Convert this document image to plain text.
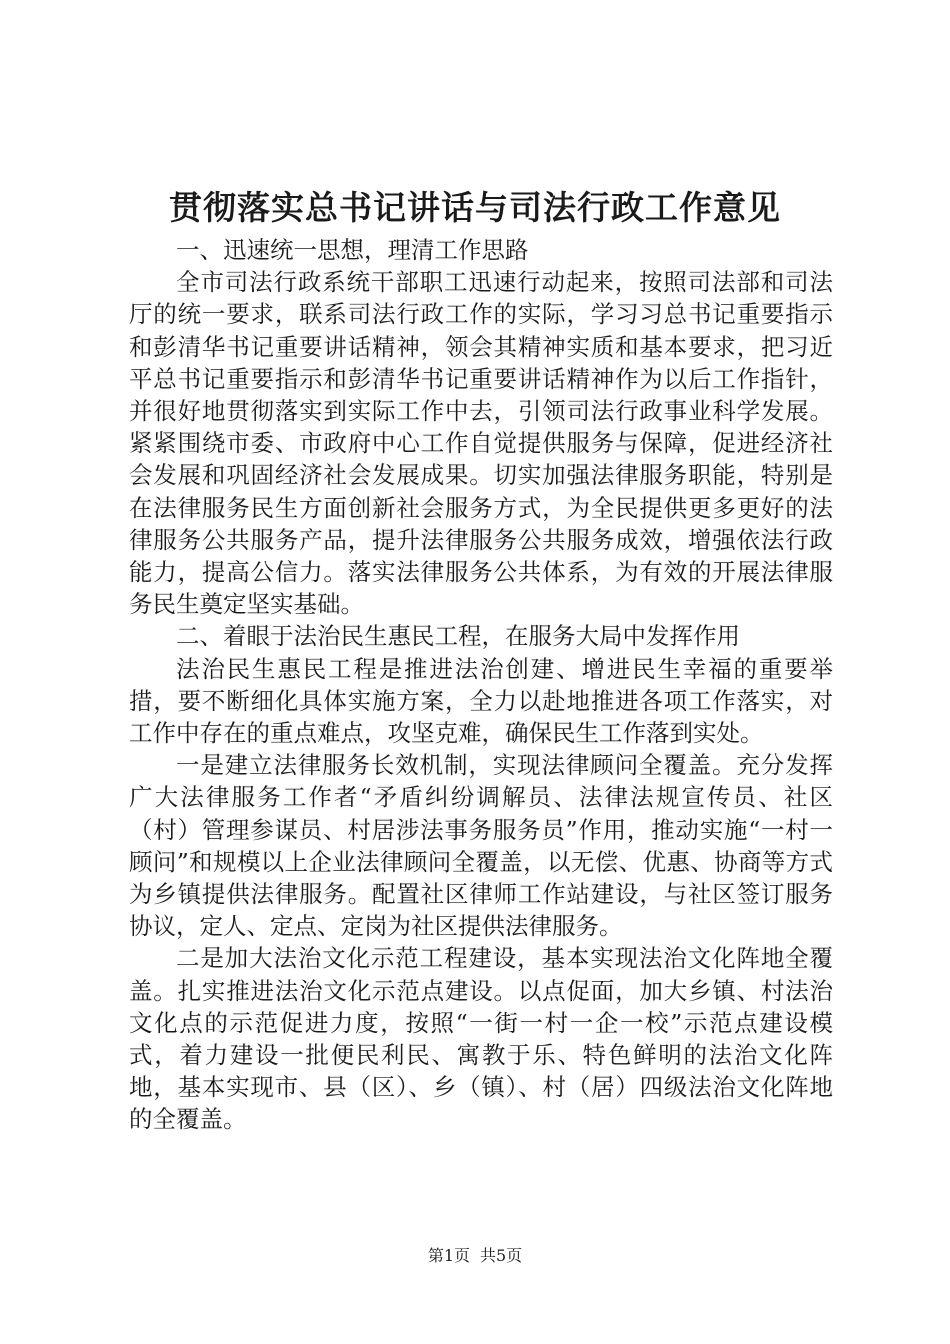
贯彻落实总书记讲话与司法行政工作意见

一、迅速统一思想，理清工作思路

全市司法行政系统干部职工迅速行动起来，按照司法部和司法厅的统一要求，联系司法行政工作的实际，学习习总书记重要指示和彭清华书记重要讲话精神，领会其精神实质和基本要求，把习近平总书记重要指示和彭清华书记重要讲话精神作为以后工作指针，并很好地贯彻落实到实际工作中去，引领司法行政事业科学发展。紧紧围绕市委、市政府中心工作自觉提供服务与保障，促进经济社会发展和巩固经济社会发展成果。切实加强法律服务职能，特别是在法律服务民生方面创新社会服务方式，为全民提供更多更好的法律服务公共服务产品，提升法律服务公共服务成效，增强依法行政能力，提高公信力。落实法律服务公共体系，为有效的开展法律服务民生奠定坚实基础。

二、着眼于法治民生惠民工程，在服务大局中发挥作用

法治民生惠民工程是推进法治创建、增进民生幸福的重要举措，要不断细化具体实施方案，全力以赴地推进各项工作落实，对工作中存在的重点难点，攻坚克难，确保民生工作落到实处。

一是建立法律服务长效机制，实现法律顾问全覆盖。充分发挥广大法律服务工作者“矛盾纠纷调解员、法律法规宣传员、社区（村）管理参谋员、村居涉法事务服务员”作用，推动实施“一村一顾问”和规模以上企业法律顾问全覆盖，以无偿、优惠、协商等方式为乡镇提供法律服务。配置社区律师工作站建设，与社区签订服务协议，定人、定点、定岗为社区提供法律服务。

二是加大法治文化示范工程建设，基本实现法治文化阵地全覆盖。扎实推进法治文化示范点建设。以点促面，加大乡镇、村法治文化点的示范促进力度，按照“一街一村一企一校”示范点建设模式，着力建设一批便民利民、寓教于乐、特色鲜明的法治文化阵地，基本实现市、县（区）、乡（镇）、村（居）四级法治文化阵地的全覆盖。

第1页 共5页
